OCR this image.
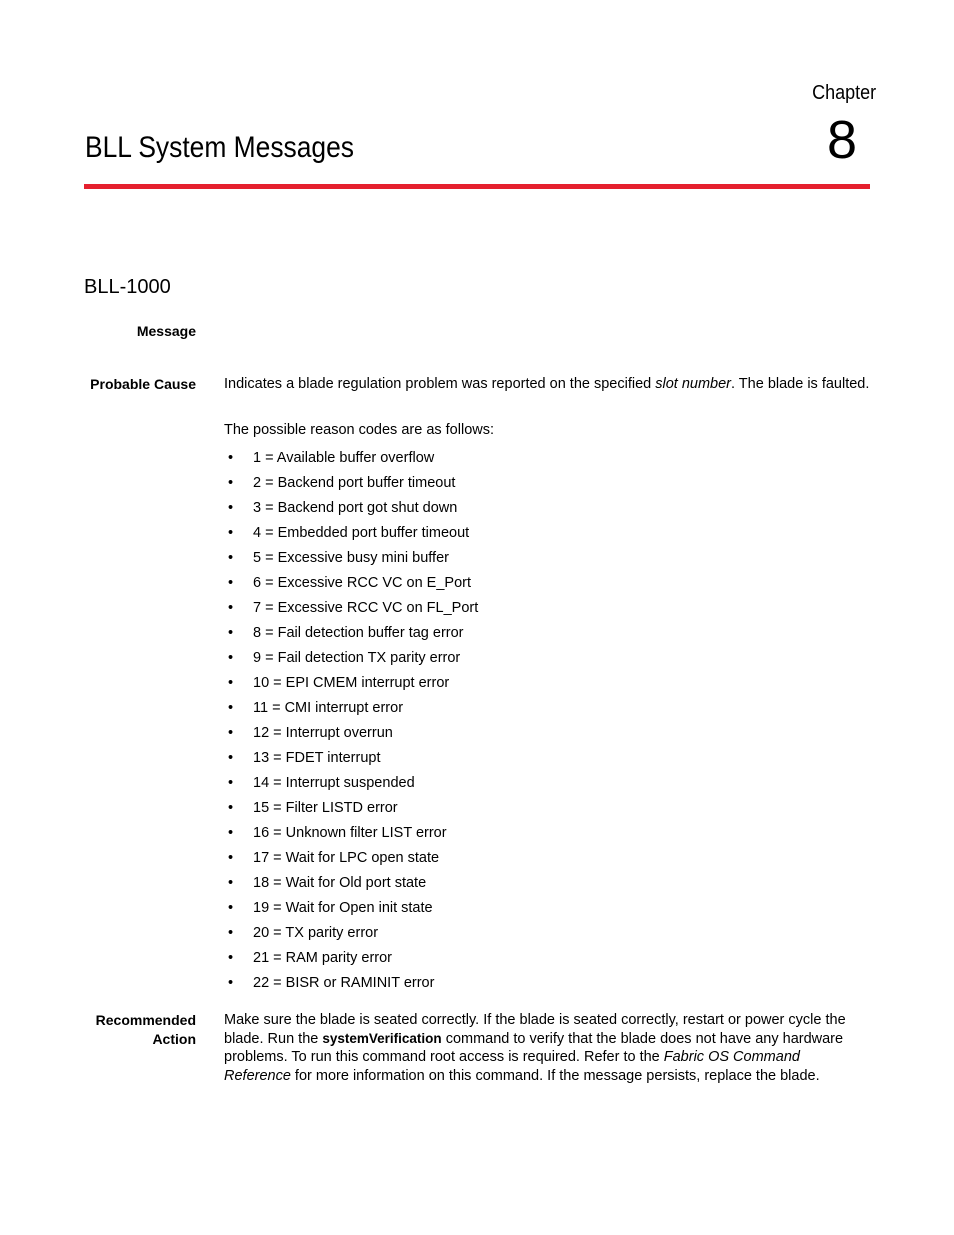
Chapter
8
BLL System Messages
BLL-1000
Message
Probable Cause Indicates a blade regulation problem was reported on the specified slot number. The blade is faulted.
The possible reason codes are as follows:
• 1 = Available buffer overflow
• 2 = Backend port buffer timeout
• 3 = Backend port got shut down
• 4 = Embedded port buffer timeout
• 5 = Excessive busy mini buffer
• 6 = Excessive RCC VC on E_Port
• 7 = Excessive RCC VC on FL_Port
• 8 = Fail detection buffer tag error
• 9 = Fail detection TX parity error
• 10 = EPI CMEM interrupt error
• 11 = CMI interrupt error
• 12 = Interrupt overrun
• 13 = FDET interrupt
• 14 = Interrupt suspended
• 15 = Filter LISTD error
• 16 = Unknown filter LIST error
• 17 = Wait for LPC open state
• 18 = Wait for Old port state
• 19 = Wait for Open init state
• 20 = TX parity error
• 21 = RAM parity error
• 22 = BISR or RAMINIT error
Recommended
Action
Make sure the blade is seated correctly. If the blade is seated correctly, restart or power cycle the blade. Run the systemVerification command to verify that the blade does not have any hardware problems. To run this command root access is required. Refer to the Fabric OS Command Reference for more information on this command. If the message persists, replace the blade.
